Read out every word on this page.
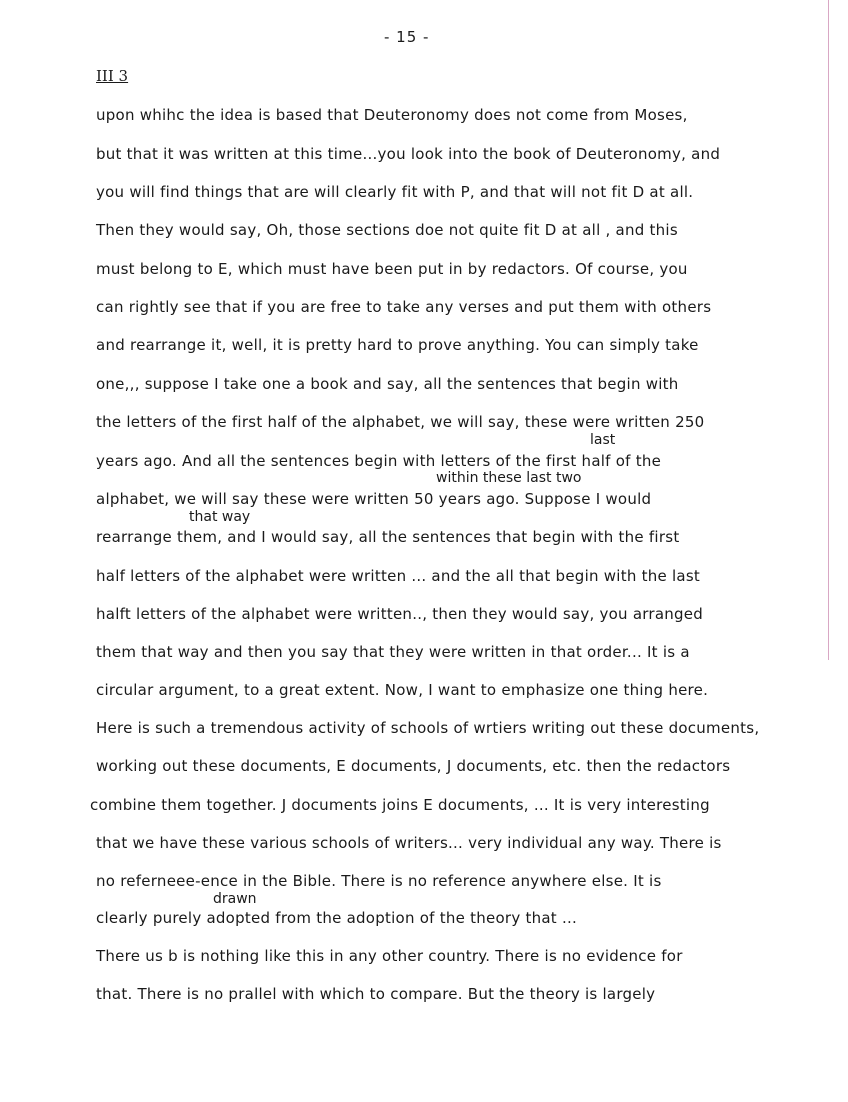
- 15 -
III 3
last
within these last two
that way
drawn
upon whihc the idea is based that Deuteronomy does not come from Moses,
but that it was written at this time...you look into the book of Deuteronomy, and
you will find things that are will clearly fit with P, and that will not fit D at all.
Then they would say, Oh, those sections doe not quite fit D at all , and this
must belong to E, which must have been put in by redactors. Of course, you
can rightly see that if you are free to take any verses and put them with others
and rearrange it, well, it is pretty hard to prove anything. You can simply take
one,,, suppose I take one a book and say, all the sentences that begin with
the letters of the first half of the alphabet, we will say, these were written 250
years ago. And all the sentences begin with letters of the first half of the
alphabet, we will say these were written 50 years ago. Suppose I would
rearrange them, and I would say, all the sentences that begin with the first
half letters of the alphabet were written ... and the all that begin with the last
halft letters of the alphabet were written.., then they would say, you arranged
them that way and then you say that they were written in that order... It is a
circular argument, to a great extent. Now, I want to emphasize one thing here.
Here is such a tremendous activity of schools of wrtiers writing out these documents,
working out these documents, E documents, J documents, etc. then the redactors
combine them together. J documents joins E documents, ... It is very interesting
that we have these various schools of writers... very individual any way. There is
no referneee-ence in the Bible. There is no reference anywhere else. It is
clearly purely adopted from the adoption of the theory that ...
There us b is nothing like this in any other country. There is no evidence for
that. There is no prallel with which to compare. But the theory is largely
